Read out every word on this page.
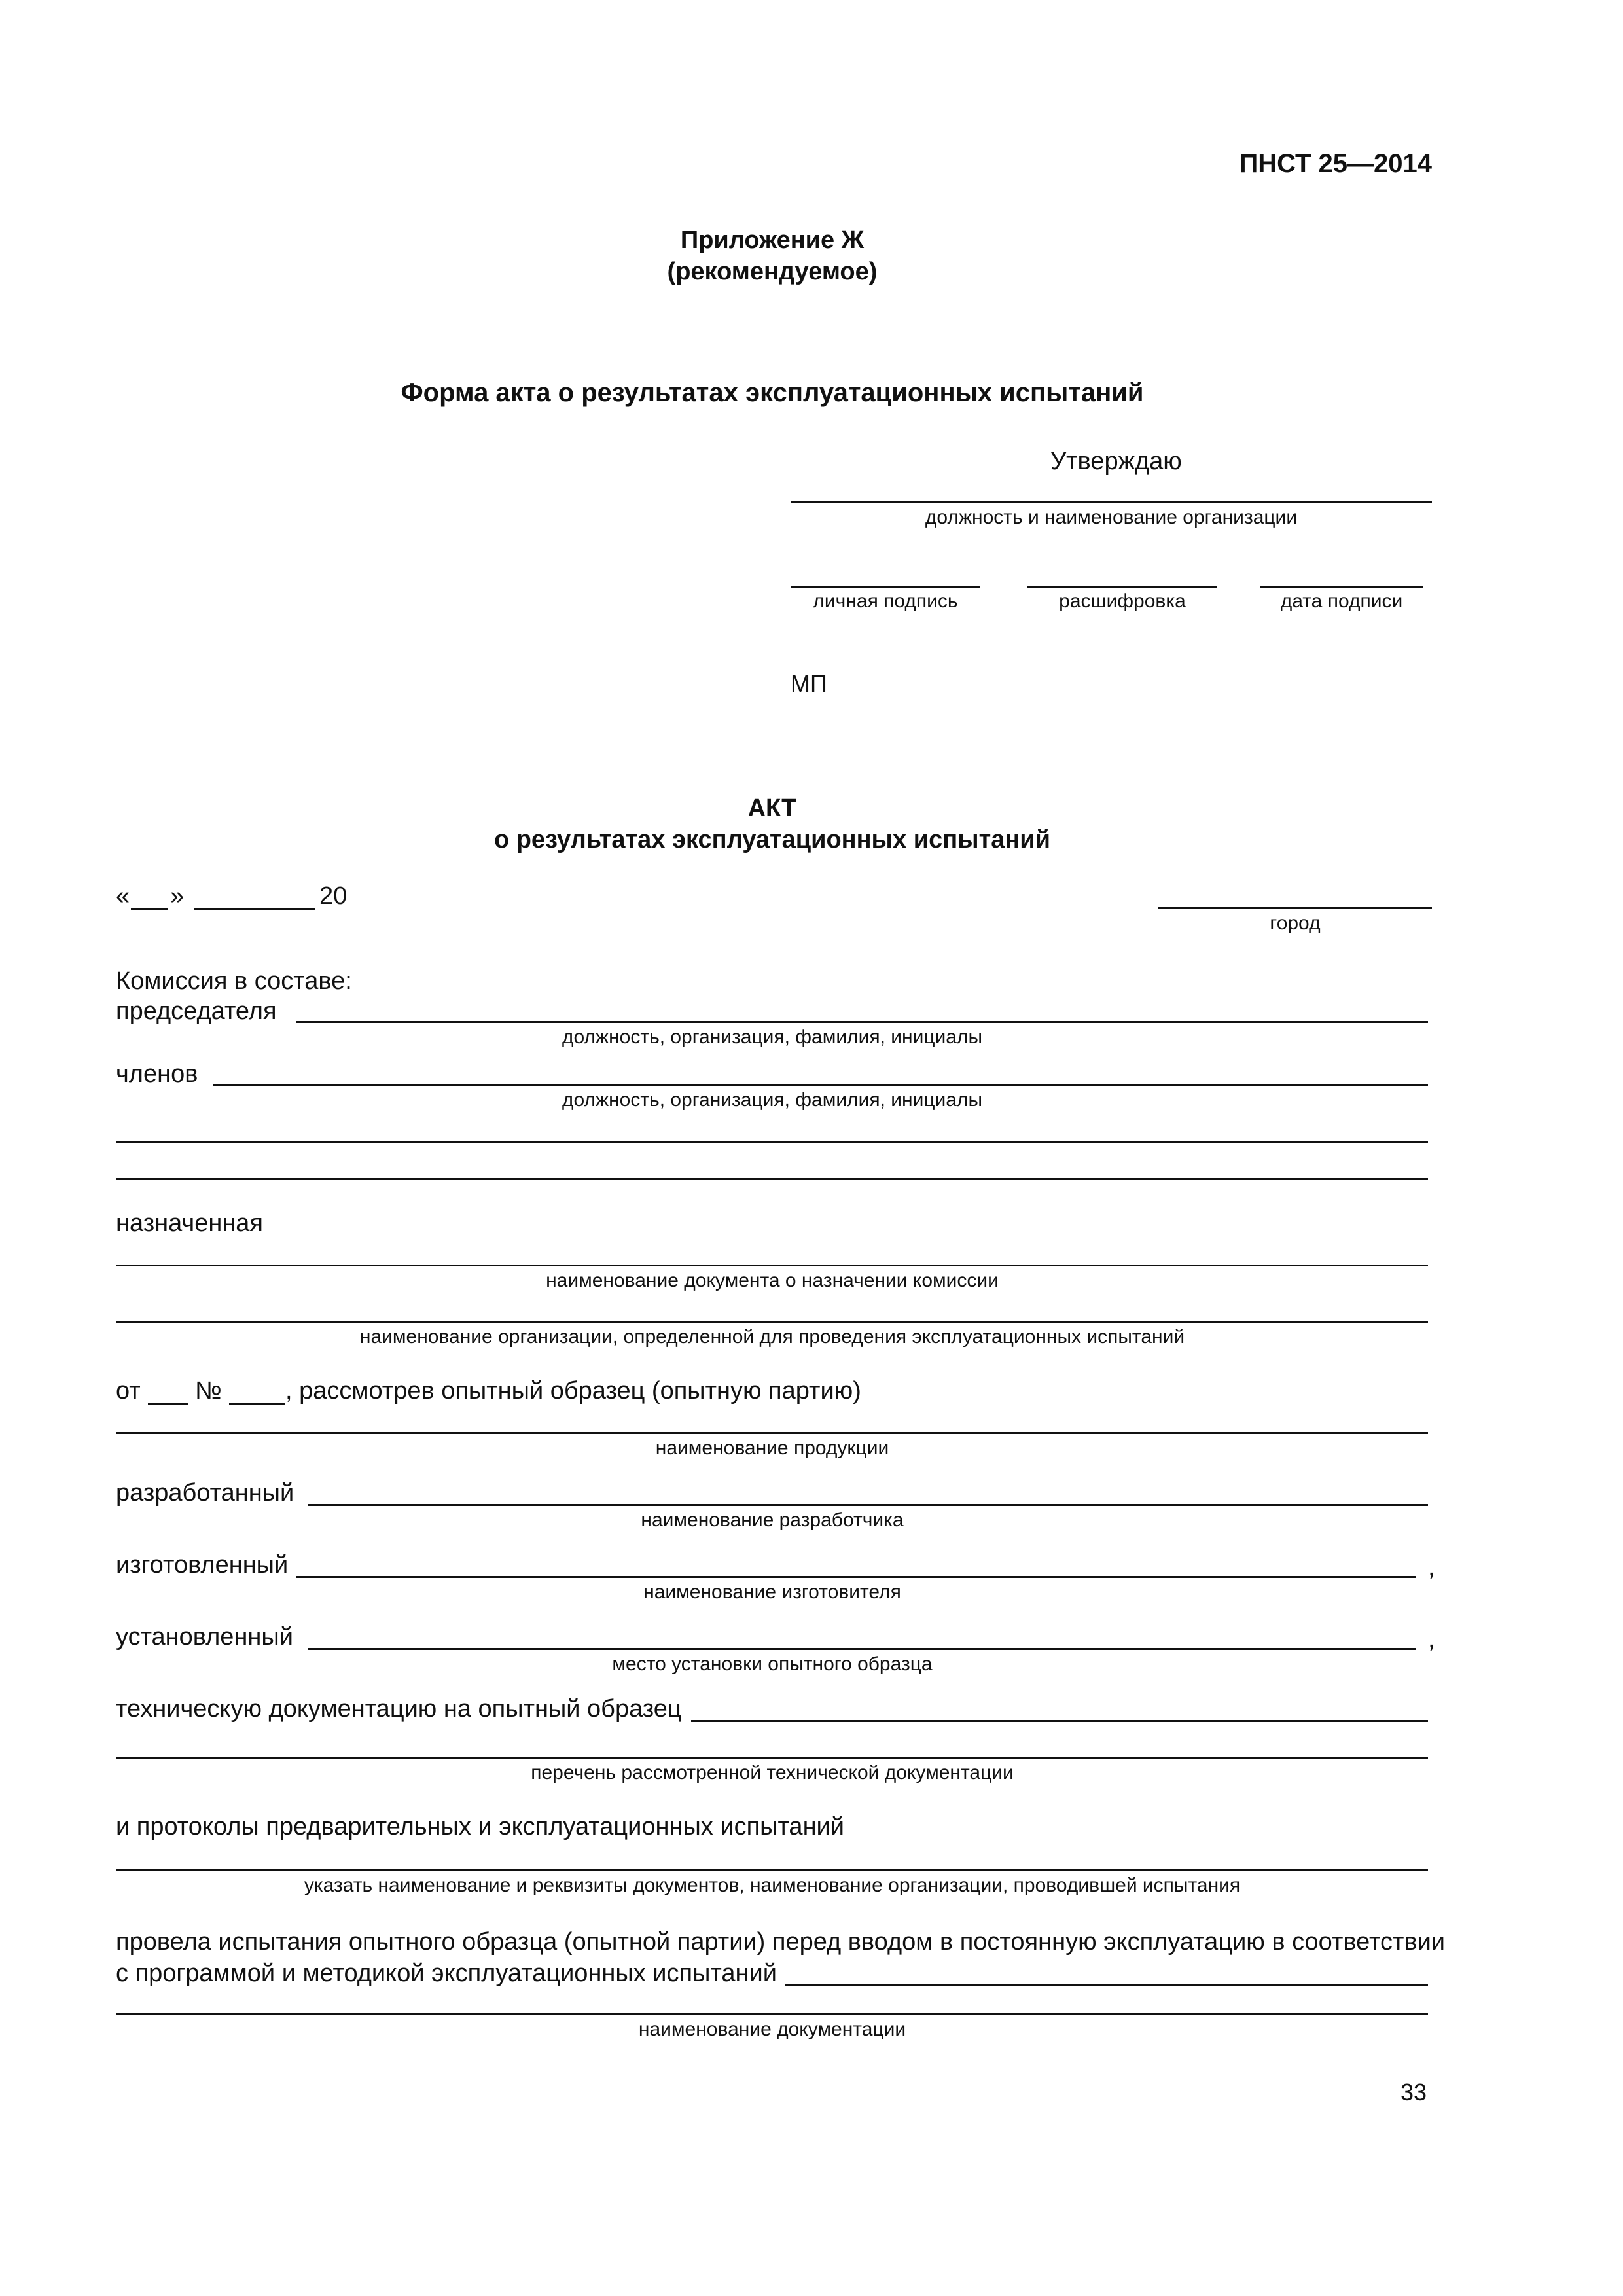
ПНСТ 25—2014
Приложение Ж
(рекомендуемое)
Форма акта о результатах эксплуатационных испытаний
Утверждаю
должность и наименование организации
личная подпись	расшифровка	дата подписи
МП
АКТ
о результатах эксплуатационных испытаний
« »	20
город
Комиссия в составе:
председателя
должность, организация, фамилия, инициалы
членов
должность, организация, фамилия, инициалы
назначенная
наименование документа о назначении комиссии
наименование организации, определенной для проведения эксплуатационных испытаний
от №	, рассмотрев опытный образец (опытную партию)
наименование продукции
разработанный
наименование разработчика
изготовленный	,
наименование изготовителя
установленный	,
место установки опытного образца
техническую документацию на опытный образец
перечень рассмотренной технической документации
и протоколы предварительных и эксплуатационных испытаний
указать наименование и реквизиты документов, наименование организации, проводившей испытания
провела испытания опытного образца (опытной партии) перед вводом в постоянную эксплуатацию в соответствии
с программой и методикой эксплуатационных испытаний
наименование документации
33
